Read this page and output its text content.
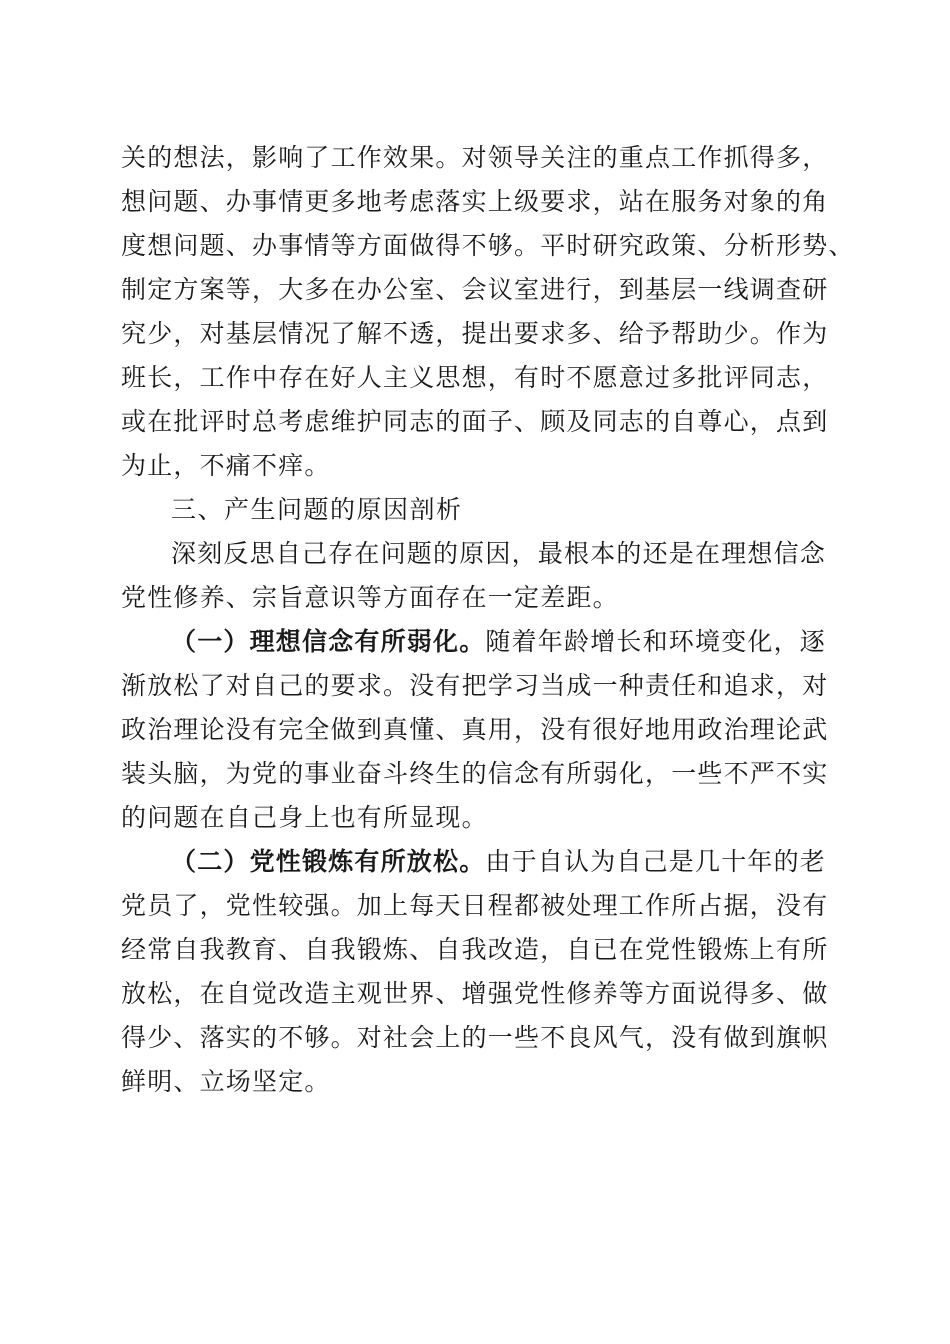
关的想法，影响了工作效果。对领导关注的重点工作抓得多，
想问题、办事情更多地考虑落实上级要求，站在服务对象的角
度想问题、办事情等方面做得不够。平时研究政策、分析形势、
制定方案等，大多在办公室、会议室进行，到基层一线调查研
究少，对基层情况了解不透，提出要求多、给予帮助少。作为
班长，工作中存在好人主义思想，有时不愿意过多批评同志，
或在批评时总考虑维护同志的面子、顾及同志的自尊心，点到
为止，不痛不痒。
三、产生问题的原因剖析
深刻反思自己存在问题的原因，最根本的还是在理想信念
党性修养、宗旨意识等方面存在一定差距。
（一）理想信念有所弱化。随着年龄增长和环境变化，逐
渐放松了对自己的要求。没有把学习当成一种责任和追求，对
政治理论没有完全做到真懂、真用，没有很好地用政治理论武
装头脑，为党的事业奋斗终生的信念有所弱化，一些不严不实
的问题在自己身上也有所显现。
（二）党性锻炼有所放松。由于自认为自己是几十年的老
党员了，党性较强。加上每天日程都被处理工作所占据，没有
经常自我教育、自我锻炼、自我改造，自已在党性锻炼上有所
放松，在自觉改造主观世界、增强党性修养等方面说得多、做
得少、落实的不够。对社会上的一些不良风气，没有做到旗帜
鲜明、立场坚定。
